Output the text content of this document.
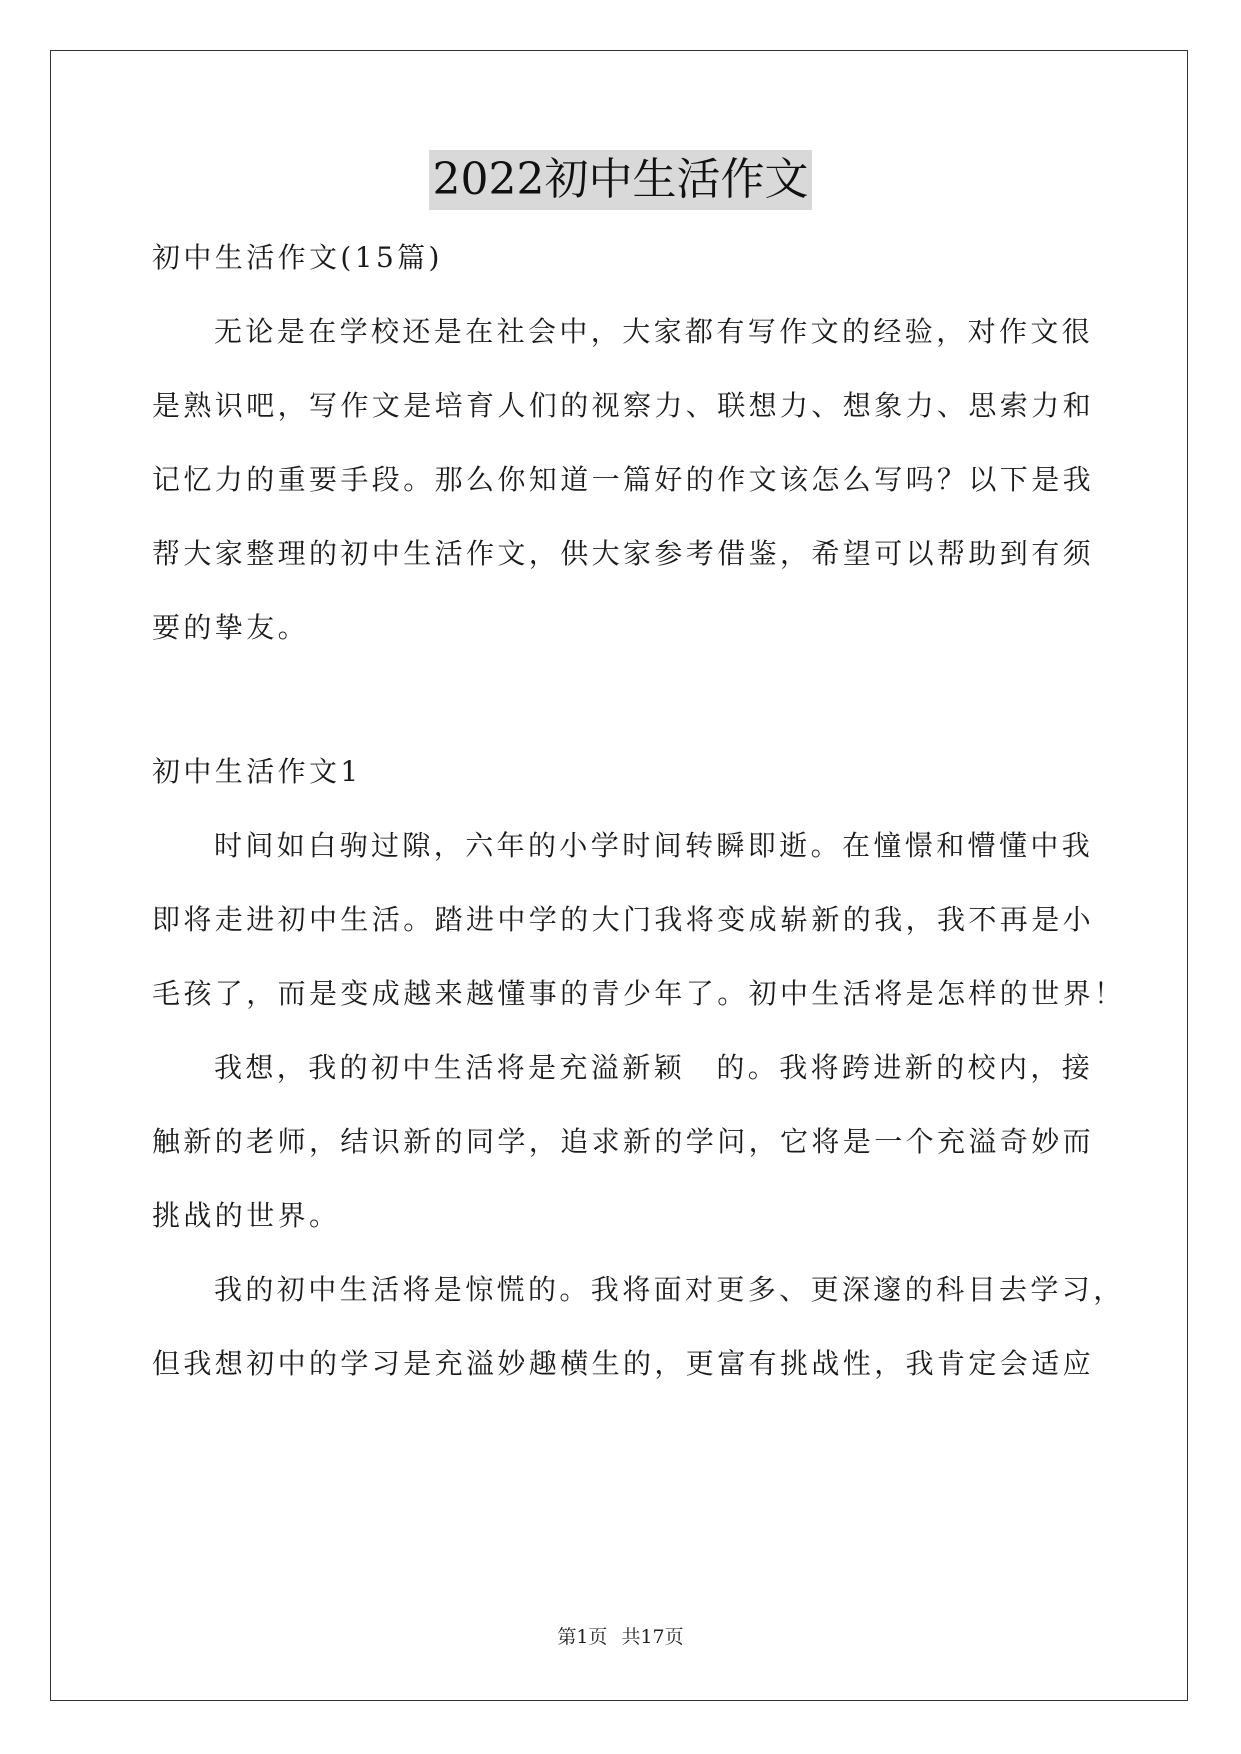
2022初中生活作文
初中生活作文(15篇)
无论是在学校还是在社会中，大家都有写作文的经验，对作文很
是熟识吧，写作文是培育人们的视察力、联想力、想象力、思索力和
记忆力的重要手段。那么你知道一篇好的作文该怎么写吗？以下是我
帮大家整理的初中生活作文，供大家参考借鉴，希望可以帮助到有须
要的挚友。
初中生活作文1
时间如白驹过隙，六年的小学时间转瞬即逝。在憧憬和懵懂中我
即将走进初中生活。踏进中学的大门我将变成崭新的我，我不再是小
毛孩了，而是变成越来越懂事的青少年了。初中生活将是怎样的世界！
我想，我的初中生活将是充溢新颖　的。我将跨进新的校内，接
触新的老师，结识新的同学，追求新的学问，它将是一个充溢奇妙而
挑战的世界。
我的初中生活将是惊慌的。我将面对更多、更深邃的科目去学习，
但我想初中的学习是充溢妙趣横生的，更富有挑战性，我肯定会适应
第1页 共17页
